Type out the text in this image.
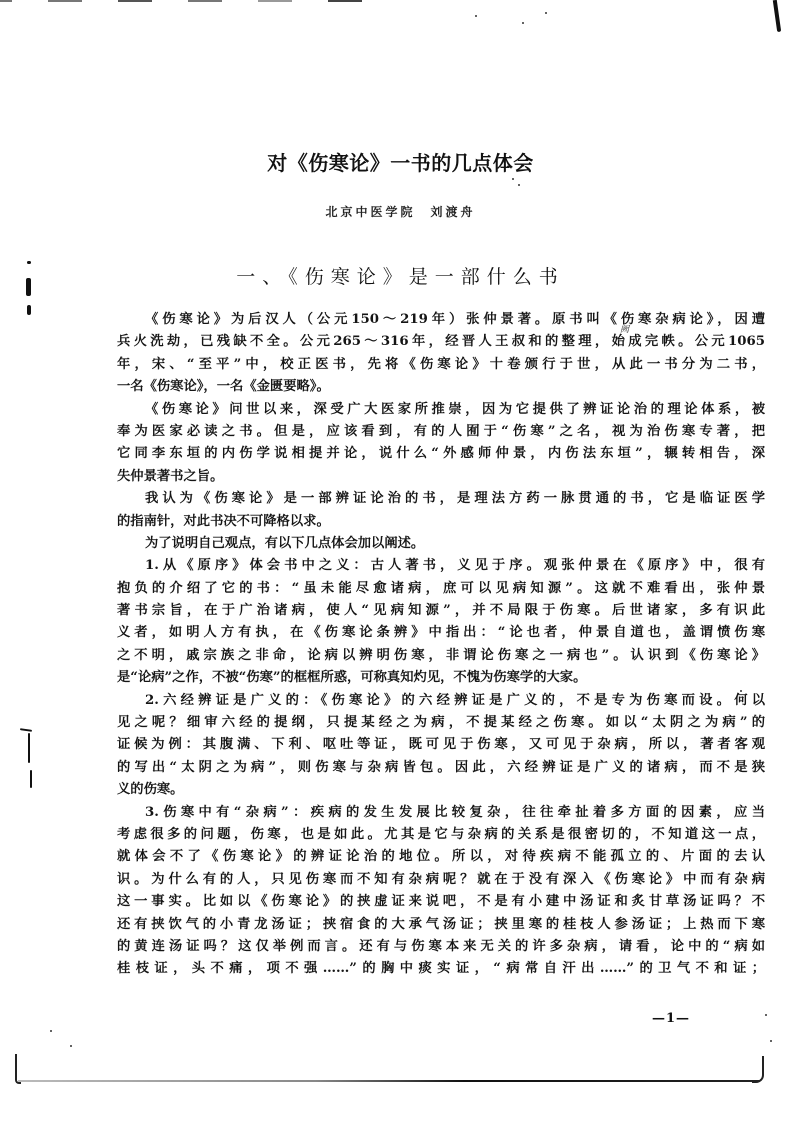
对《伤寒论》一书的几点体会
北京中医学院　刘渡舟
一、《伤寒论》是一部什么书
《伤寒论》为后汉人（公元150～219年）张仲景著。原书叫《伤寒杂病论》，因遭
兵火洗劫，已残缺不全。公元265～316年，经晋人王叔和的整理，始成完帙。公元1065
年，宋、“至平”中，校正医书，先将《伤寒论》十卷颁行于世，从此一书分为二书，
一名《伤寒论》，一名《金匮要略》。
《伤寒论》问世以来，深受广大医家所推崇，因为它提供了辨证论治的理论体系，被
奉为医家必读之书。但是，应该看到，有的人囿于“伤寒”之名，视为治伤寒专著，把
它同李东垣的内伤学说相提并论，说什么“外感师仲景，内伤法东垣”，辗转相告，深
失仲景著书之旨。
我认为《伤寒论》是一部辨证论治的书，是理法方药一脉贯通的书，它是临证医学
的指南针，对此书决不可降格以求。
为了说明自己观点，有以下几点体会加以阐述。
1.从《原序》体会书中之义：古人著书，义见于序。观张仲景在《原序》中，很有
抱负的介绍了它的书：“虽未能尽愈诸病，庶可以见病知源”。这就不难看出，张仲景
著书宗旨，在于广治诸病，使人“见病知源”，并不局限于伤寒。后世诸家，多有识此
义者，如明人方有执，在《伤寒论条辨》中指出：“论也者，仲景自道也，盖谓愤伤寒
之不明，戚宗族之非命，论病以辨明伤寒，非谓论伤寒之一病也”。认识到《伤寒论》
是“论病”之作，不被“伤寒”的框框所惑，可称真知灼见，不愧为伤寒学的大家。
2.六经辨证是广义的：《伤寒论》的六经辨证是广义的，不是专为伤寒而设。何以
见之呢？细审六经的提纲，只提某经之为病，不提某经之伤寒。如以“太阴之为病”的
证候为例：其腹满、下利、呕吐等证，既可见于伤寒，又可见于杂病，所以，著者客观
的写出“太阴之为病”，则伤寒与杂病皆包。因此，六经辨证是广义的诸病，而不是狭
义的伤寒。
3.伤寒中有“杂病”：疾病的发生发展比较复杂，往往牵扯着多方面的因素，应当
考虑很多的问题，伤寒，也是如此。尤其是它与杂病的关系是很密切的，不知道这一点，
就体会不了《伤寒论》的辨证论治的地位。所以，对待疾病不能孤立的、片面的去认
识。为什么有的人，只见伤寒而不知有杂病呢？就在于没有深入《伤寒论》中而有杂病
这一事实。比如以《伤寒论》的挟虚证来说吧，不是有小建中汤证和炙甘草汤证吗？不
还有挟饮气的小青龙汤证；挟宿食的大承气汤证；挟里寒的桂枝人参汤证；上热而下寒
的黄连汤证吗？这仅举例而言。还有与伤寒本来无关的许多杂病，请看，论中的“病如
桂枝证，头不痛，项不强……”的胸中痰实证，“病常自汗出……”的卫气不和证；
阙
—1—
